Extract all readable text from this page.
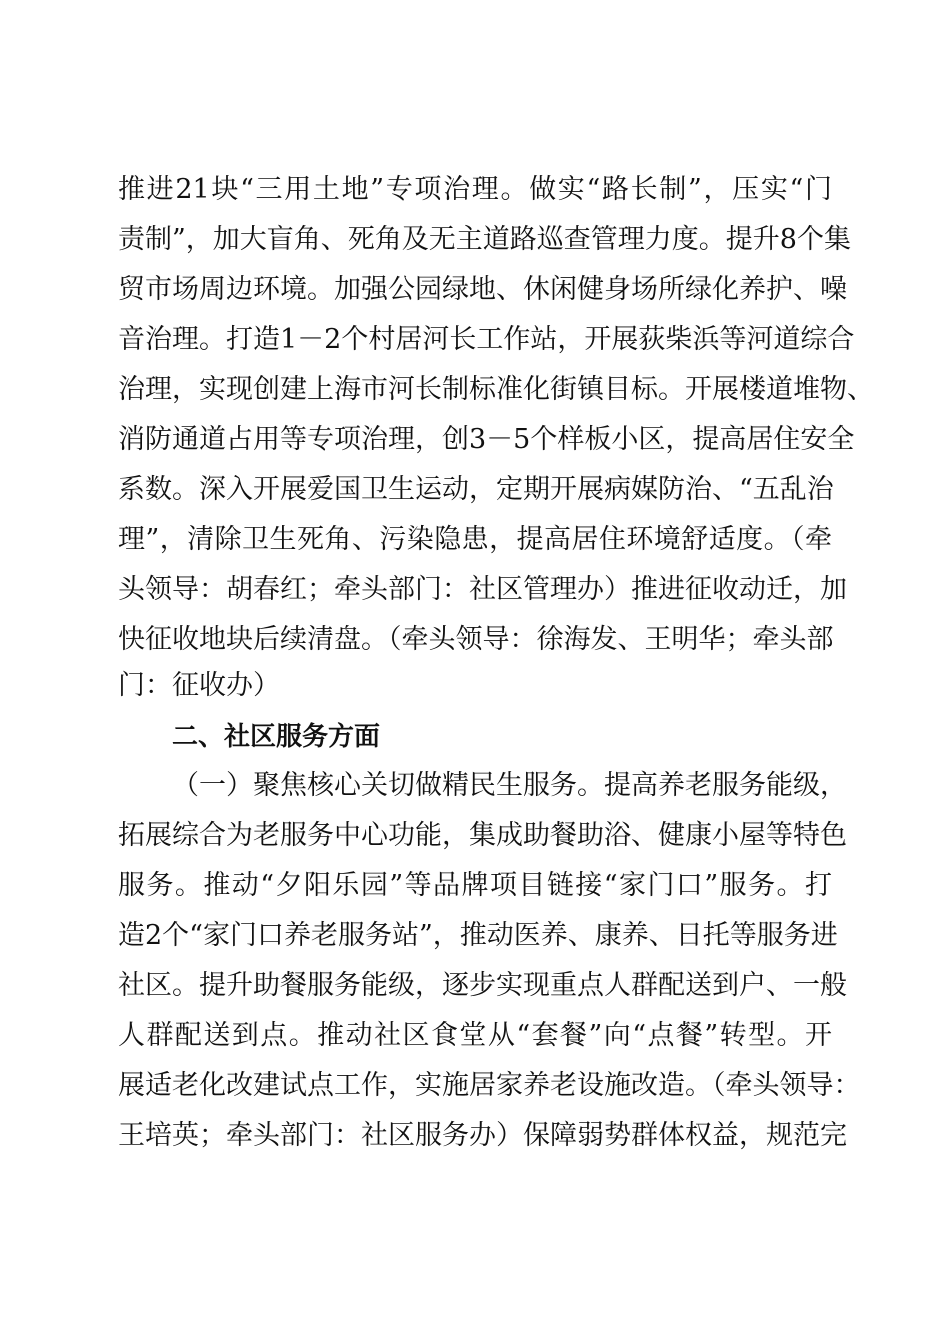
推进21块“三用土地”专项治理。做实“路长制”，压实“门
责制”，加大盲角、死角及无主道路巡查管理力度。提升8个集
贸市场周边环境。加强公园绿地、休闲健身场所绿化养护、噪
音治理。打造1－2个村居河长工作站，开展荻柴浜等河道综合
治理，实现创建上海市河长制标准化街镇目标。开展楼道堆物、
消防通道占用等专项治理，创3－5个样板小区，提高居住安全
系数。深入开展爱国卫生运动，定期开展病媒防治、“五乱治
理”，清除卫生死角、污染隐患，提高居住环境舒适度。（牵
头领导：胡春红；牵头部门：社区管理办）推进征收动迁，加
快征收地块后续清盘。（牵头领导：徐海发、王明华；牵头部
门：征收办）
二、社区服务方面
（一）聚焦核心关切做精民生服务。提高养老服务能级，
拓展综合为老服务中心功能，集成助餐助浴、健康小屋等特色
服务。推动“夕阳乐园”等品牌项目链接“家门口”服务。打
造2个“家门口养老服务站”，推动医养、康养、日托等服务进
社区。提升助餐服务能级，逐步实现重点人群配送到户、一般
人群配送到点。推动社区食堂从“套餐”向“点餐”转型。开
展适老化改建试点工作，实施居家养老设施改造。（牵头领导：
王培英；牵头部门：社区服务办）保障弱势群体权益，规范完
